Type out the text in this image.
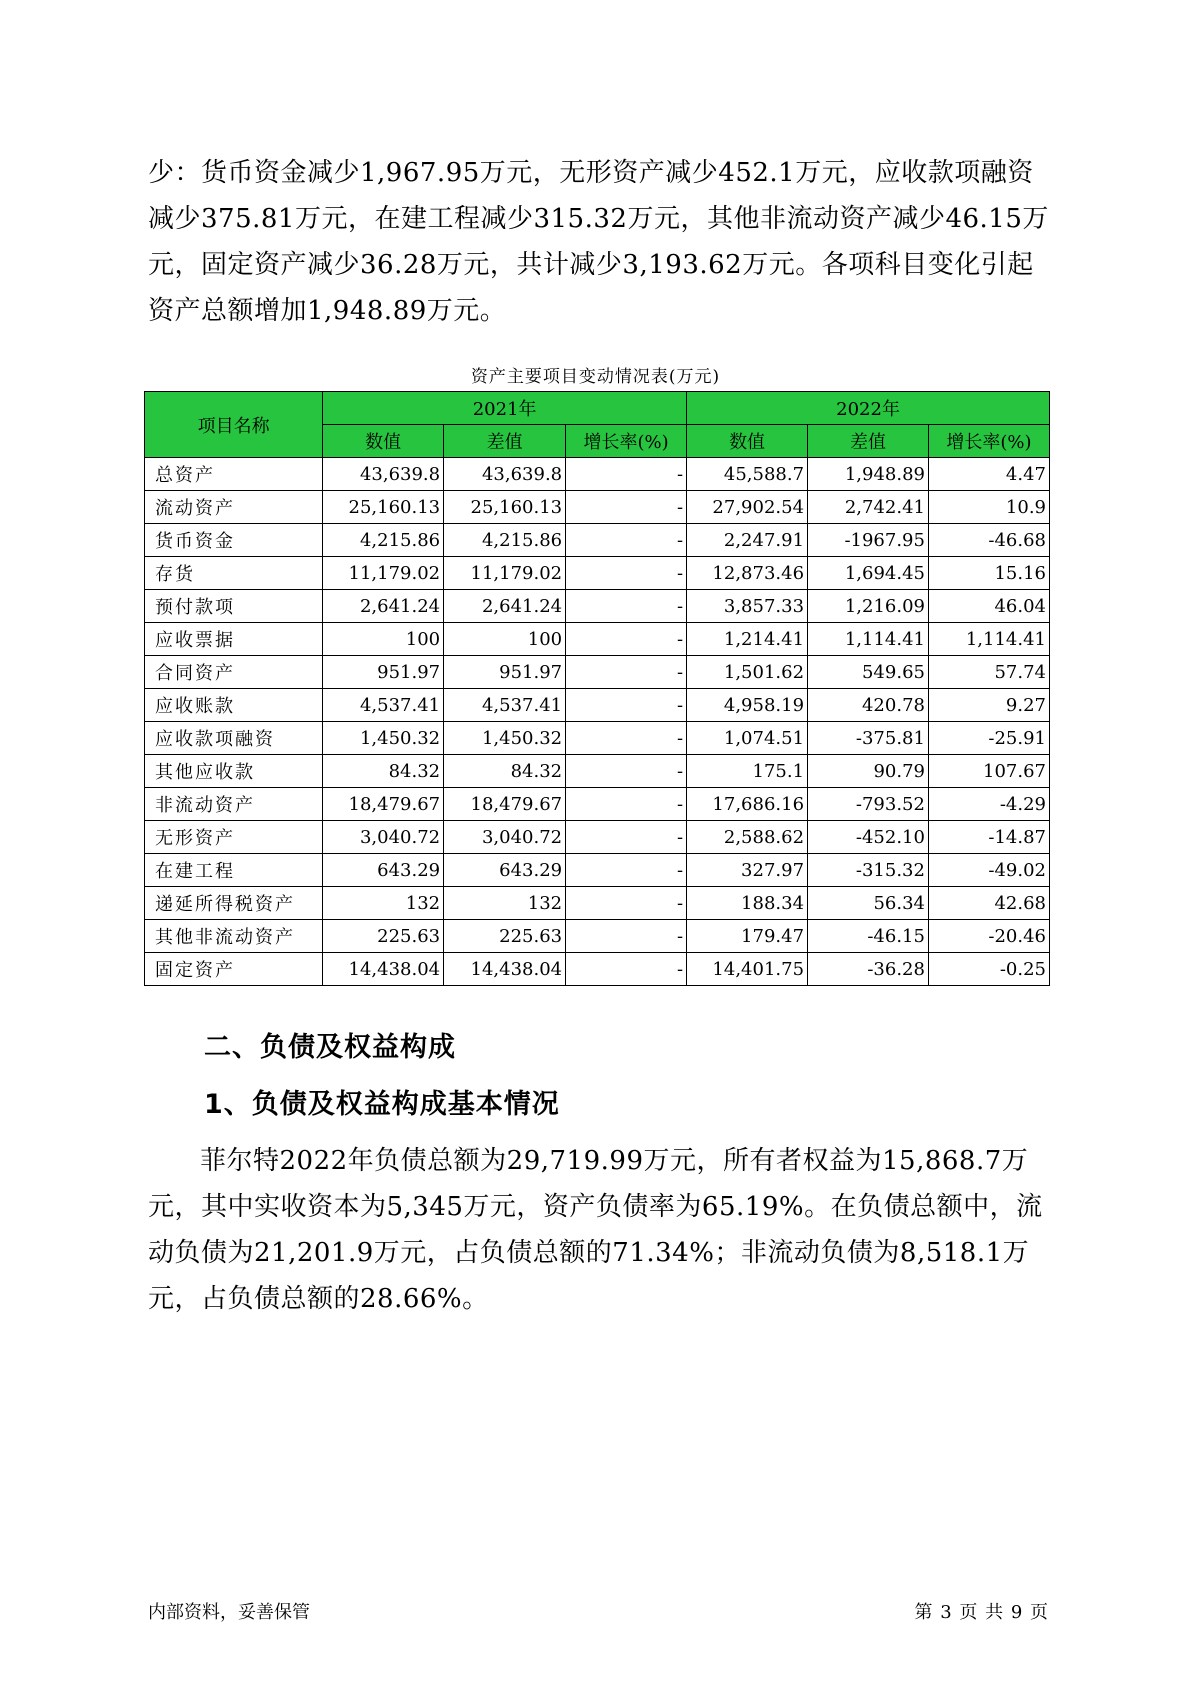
少：货币资金减少1,967.95万元，无形资产减少452.1万元，应收款项融资减少375.81万元，在建工程减少315.32万元，其他非流动资产减少46.15万元，固定资产减少36.28万元，共计减少3,193.62万元。各项科目变化引起资产总额增加1,948.89万元。
资产主要项目变动情况表(万元)
项目名称	2021年			2022年		
	数值	差值	增长率(%)	数值	差值	增长率(%)
总资产	43,639.8	43,639.8	-	45,588.7	1,948.89	4.47
流动资产	25,160.13	25,160.13	-	27,902.54	2,742.41	10.9
货币资金	4,215.86	4,215.86	-	2,247.91	-1967.95	-46.68
存货	11,179.02	11,179.02	-	12,873.46	1,694.45	15.16
预付款项	2,641.24	2,641.24	-	3,857.33	1,216.09	46.04
应收票据	100	100	-	1,214.41	1,114.41	1,114.41
合同资产	951.97	951.97	-	1,501.62	549.65	57.74
应收账款	4,537.41	4,537.41	-	4,958.19	420.78	9.27
应收款项融资	1,450.32	1,450.32	-	1,074.51	-375.81	-25.91
其他应收款	84.32	84.32	-	175.1	90.79	107.67
非流动资产	18,479.67	18,479.67	-	17,686.16	-793.52	-4.29
无形资产	3,040.72	3,040.72	-	2,588.62	-452.10	-14.87
在建工程	643.29	643.29	-	327.97	-315.32	-49.02
递延所得税资产	132	132	-	188.34	56.34	42.68
其他非流动资产	225.63	225.63	-	179.47	-46.15	-20.46
固定资产	14,438.04	14,438.04	-	14,401.75	-36.28	-0.25
二、负债及权益构成
1、负债及权益构成基本情况
菲尔特2022年负债总额为29,719.99万元，所有者权益为15,868.7万元，其中实收资本为5,345万元，资产负债率为65.19%。在负债总额中，流动负债为21,201.9万元，占负债总额的71.34%；非流动负债为8,518.1万元，占负债总额的28.66%。
内部资料，妥善保管	第 3 页 共 9 页
